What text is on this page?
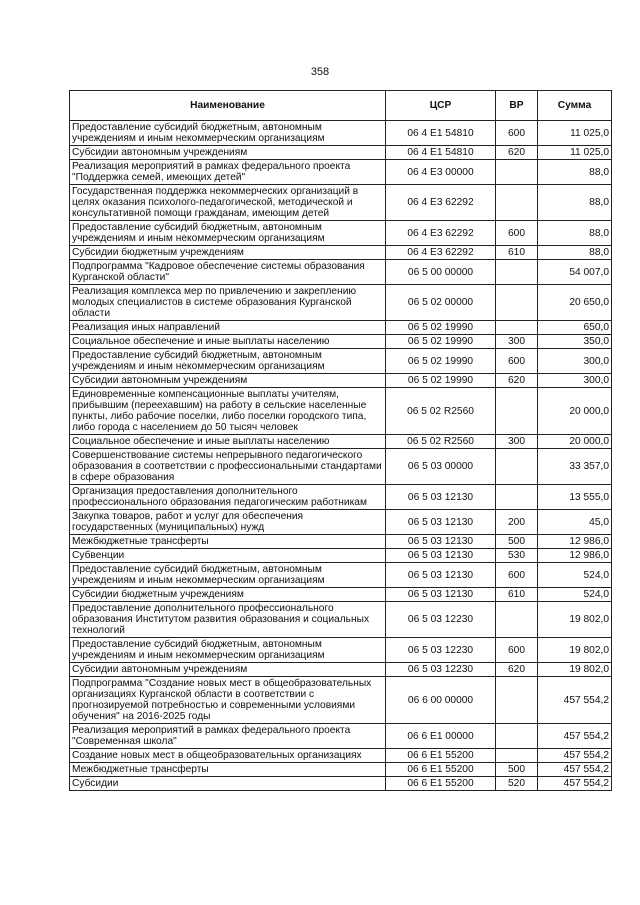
358
Наименование	ЦСР	ВР	Сумма
Предоставление субсидий бюджетным, автономным учреждениям и иным некоммерческим организациям	06 4 E1 54810	600	11 025,0
Субсидии автономным учреждениям	06 4 E1 54810	620	11 025,0
Реализация мероприятий в рамках федерального проекта "Поддержка семей, имеющих детей"	06 4 E3 00000		88,0
Государственная поддержка некоммерческих организаций в целях оказания психолого-педагогической, методической и консультативной помощи гражданам, имеющим детей	06 4 E3 62292		88,0
Предоставление субсидий бюджетным, автономным учреждениям и иным некоммерческим организациям	06 4 E3 62292	600	88,0
Субсидии бюджетным учреждениям	06 4 E3 62292	610	88,0
Подпрограмма "Кадровое обеспечение системы образования Курганской области"	06 5 00 00000		54 007,0
Реализация комплекса мер по привлечению и закреплению молодых специалистов в системе образования Курганской области	06 5 02 00000		20 650,0
Реализация иных направлений	06 5 02 19990		650,0
Социальное обеспечение и иные выплаты населению	06 5 02 19990	300	350,0
Предоставление субсидий бюджетным, автономным учреждениям и иным некоммерческим организациям	06 5 02 19990	600	300,0
Субсидии автономным учреждениям	06 5 02 19990	620	300,0
Единовременные компенсационные выплаты учителям, прибывшим (переехавшим) на работу в сельские населенные пункты, либо рабочие поселки, либо поселки городского типа, либо города с населением до 50 тысяч человек	06 5 02 R2560		20 000,0
Социальное обеспечение и иные выплаты населению	06 5 02 R2560	300	20 000,0
Совершенствование системы непрерывного педагогического образования в соответствии с профессиональными стандартами в сфере образования	06 5 03 00000		33 357,0
Организация предоставления дополнительного профессионального образования педагогическим работникам	06 5 03 12130		13 555,0
Закупка товаров, работ и услуг для обеспечения государственных (муниципальных) нужд	06 5 03 12130	200	45,0
Межбюджетные трансферты	06 5 03 12130	500	12 986,0
Субвенции	06 5 03 12130	530	12 986,0
Предоставление субсидий бюджетным, автономным учреждениям и иным некоммерческим организациям	06 5 03 12130	600	524,0
Субсидии бюджетным учреждениям	06 5 03 12130	610	524,0
Предоставление дополнительного профессионального образования Институтом развития образования и социальных технологий	06 5 03 12230		19 802,0
Предоставление субсидий бюджетным, автономным учреждениям и иным некоммерческим организациям	06 5 03 12230	600	19 802,0
Субсидии автономным учреждениям	06 5 03 12230	620	19 802,0
Подпрограмма "Создание новых мест в общеобразовательных организациях Курганской области в соответствии с прогнозируемой потребностью и современными условиями обучения" на 2016-2025 годы	06 6 00 00000		457 554,2
Реализация мероприятий в рамках федерального проекта "Современная школа"	06 6 E1 00000		457 554,2
Создание новых мест в общеобразовательных организациях	06 6 E1 55200		457 554,2
Межбюджетные трансферты	06 6 E1 55200	500	457 554,2
Субсидии	06 6 E1 55200	520	457 554,2
